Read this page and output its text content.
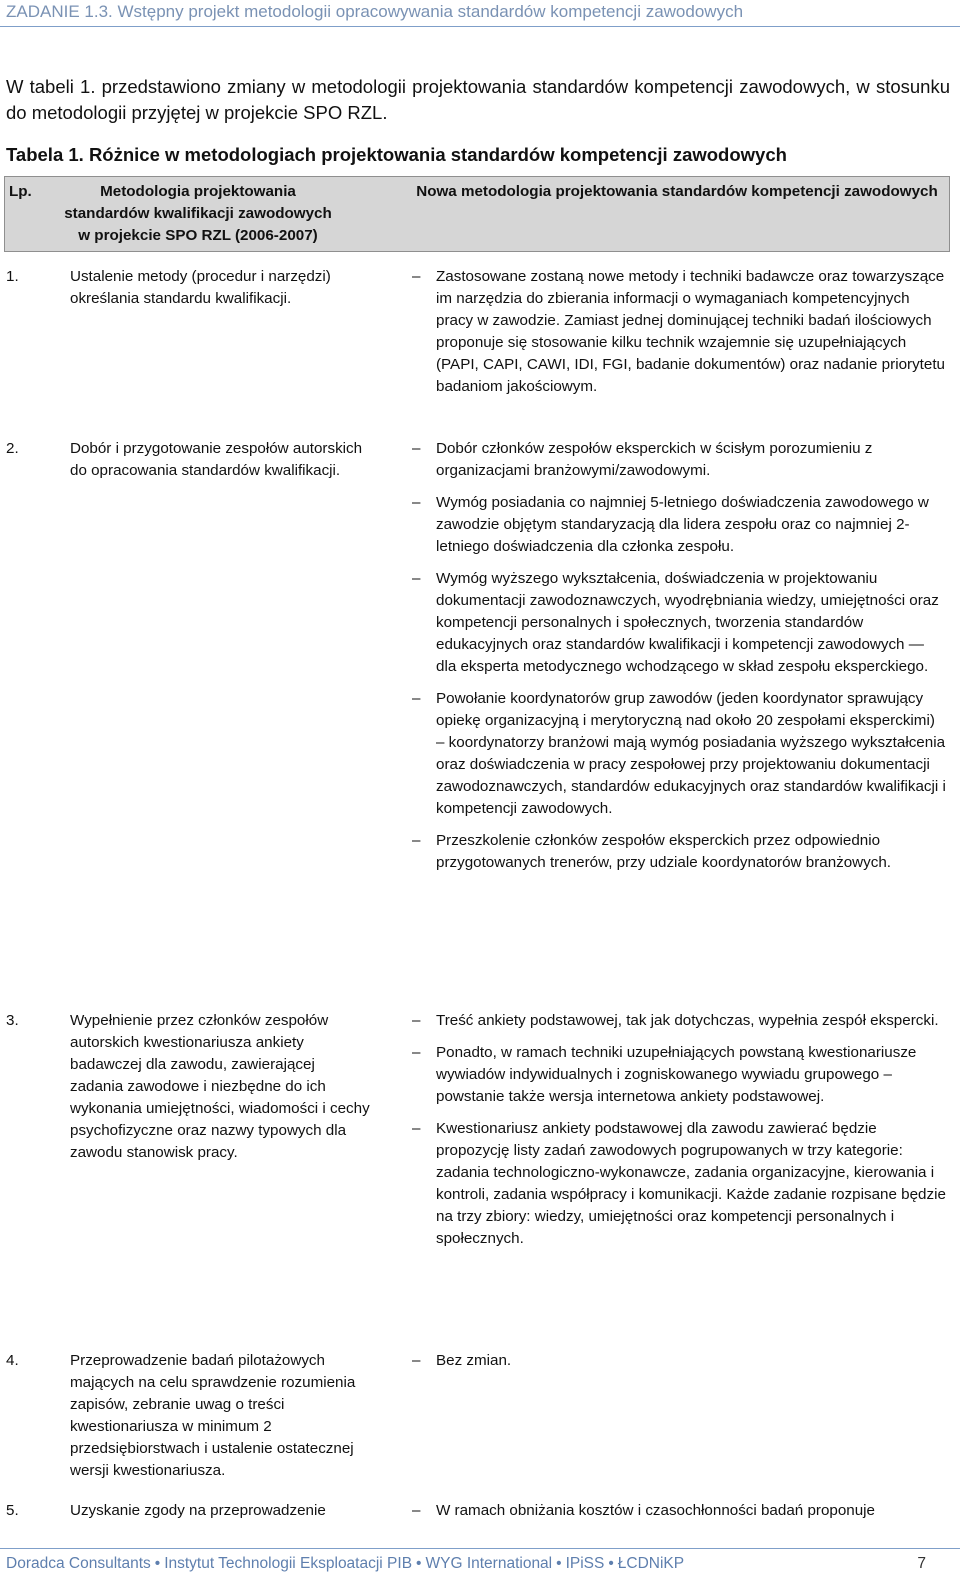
ZADANIE 1.3. Wstępny projekt metodologii opracowywania standardów kompetencji zawodowych
W tabeli 1. przedstawiono zmiany w metodologii projektowania standardów kompetencji zawodowych, w stosunku do metodologii przyjętej w projekcie SPO RZL.
Tabela 1. Różnice w metodologiach projektowania standardów kompetencji zawodowych
Lp.	Metodologia projektowania standardów kwalifikacji zawodowych w projekcie SPO RZL (2006-2007)
Nowa metodologia projektowania standardów kompetencji zawodowych
1.	Ustalenie metody (procedur i narzędzi) określania standardu kwalifikacji.
– Zastosowane zostaną nowe metody i techniki badawcze oraz towarzyszące im narzędzia do zbierania informacji o wymaganiach kompetencyjnych pracy w zawodzie. Zamiast jednej dominującej techniki badań ilościowych proponuje się stosowanie kilku technik wzajemnie się uzupełniających (PAPI, CAPI, CAWI, IDI, FGI, badanie dokumentów) oraz nadanie priorytetu badaniom jakościowym.
2.	Dobór i przygotowanie zespołów autorskich do opracowania standardów kwalifikacji.
– Dobór członków zespołów eksperckich w ścisłym porozumieniu z organizacjami branżowymi/zawodowymi.
– Wymóg posiadania co najmniej 5-letniego doświadczenia zawodowego w zawodzie objętym standaryzacją dla lidera zespołu oraz co najmniej 2-letniego doświadczenia dla członka zespołu.
– Wymóg wyższego wykształcenia, doświadczenia w projektowaniu dokumentacji zawodoznawczych, wyodrębniania wiedzy, umiejętności oraz kompetencji personalnych i społecznych, tworzenia standardów edukacyjnych oraz standardów kwalifikacji i kompetencji zawodowych — dla eksperta metodycznego wchodzącego w skład zespołu eksperckiego.
– Powołanie koordynatorów grup zawodów (jeden koordynator sprawujący opiekę organizacyjną i merytoryczną nad około 20 zespołami eksperckimi) – koordynatorzy branżowi mają wymóg posiadania wyższego wykształcenia oraz doświadczenia w pracy zespołowej przy projektowaniu dokumentacji zawodoznawczych, standardów edukacyjnych oraz standardów kwalifikacji i kompetencji zawodowych.
– Przeszkolenie członków zespołów eksperckich przez odpowiednio przygotowanych trenerów, przy udziale koordynatorów branżowych.
3.	Wypełnienie przez członków zespołów autorskich kwestionariusza ankiety badawczej dla zawodu, zawierającej zadania zawodowe i niezbędne do ich wykonania umiejętności, wiadomości i cechy psychofizyczne oraz nazwy typowych dla zawodu stanowisk pracy.
– Treść ankiety podstawowej, tak jak dotychczas, wypełnia zespół ekspercki.
– Ponadto, w ramach techniki uzupełniających powstaną kwestionariusze wywiadów indywidualnych i zogniskowanego wywiadu grupowego – powstanie także wersja internetowa ankiety podstawowej.
– Kwestionariusz ankiety podstawowej dla zawodu zawierać będzie propozycję listy zadań zawodowych pogrupowanych w trzy kategorie: zadania technologiczno-wykonawcze, zadania organizacyjne, kierowania i kontroli, zadania współpracy i komunikacji. Każde zadanie rozpisane będzie na trzy zbiory: wiedzy, umiejętności oraz kompetencji personalnych i społecznych.
4.	Przeprowadzenie badań pilotażowych mających na celu sprawdzenie rozumienia zapisów, zebranie uwag o treści kwestionariusza w minimum 2 przedsiębiorstwach i ustalenie ostatecznej wersji kwestionariusza.
– Bez zmian.
5.	Uzyskanie zgody na przeprowadzenie
–	W ramach obniżania kosztów i czasochłonności badań proponuje
Doradca Consultants • Instytut Technologii Eksploatacji PIB • WYG International • IPiSS • ŁCDNiKP	7
